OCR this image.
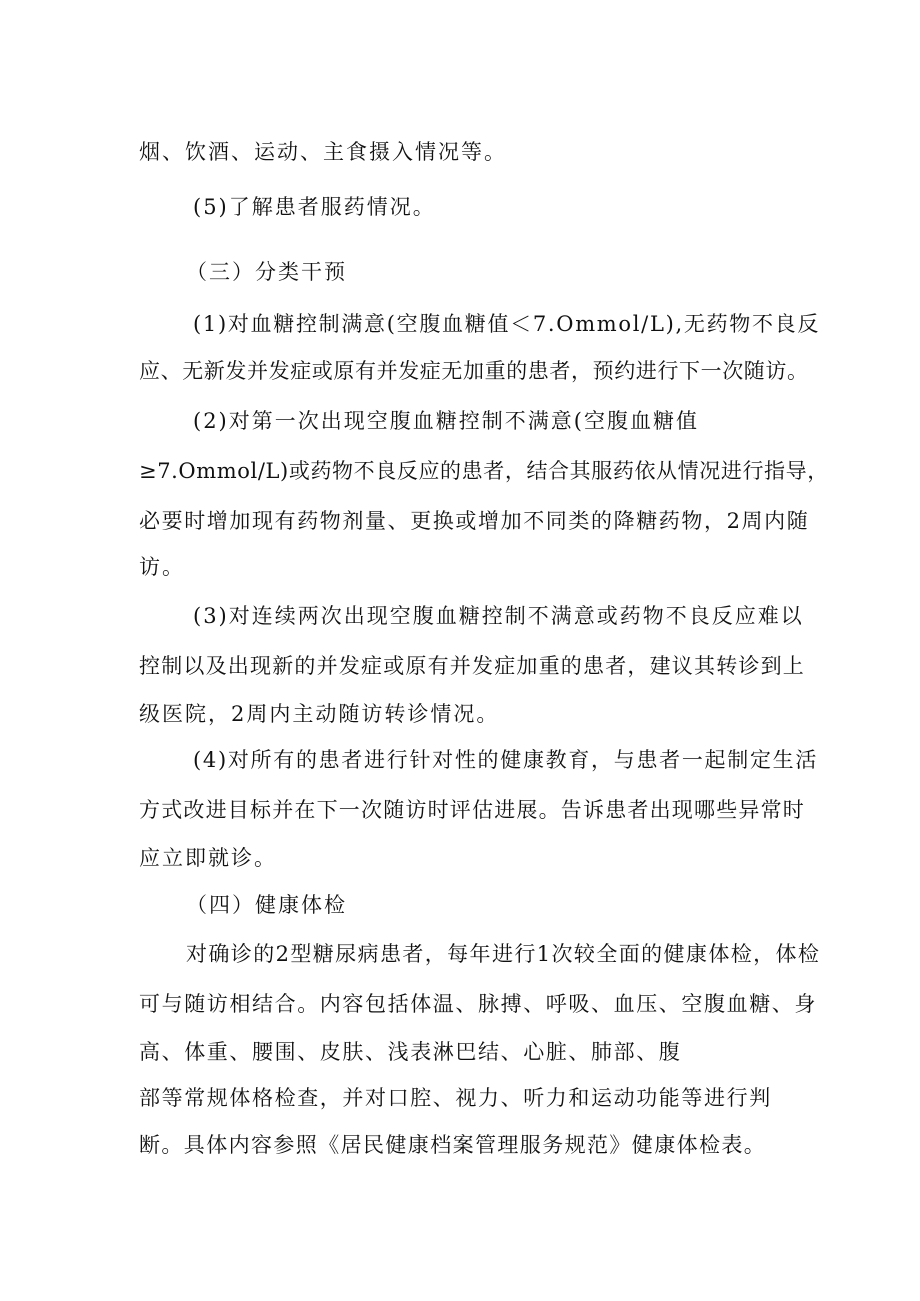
烟、饮酒、运动、主食摄入情况等。
(5)了解患者服药情况。
（三）分类干预
(1)对血糖控制满意(空腹血糖值＜7.Ommol/L),无药物不良反
应、无新发并发症或原有并发症无加重的患者，预约进行下一次随访。
(2)对第一次出现空腹血糖控制不满意(空腹血糖值
≥7.Ommol/L)或药物不良反应的患者，结合其服药依从情况进行指导，
必要时增加现有药物剂量、更换或增加不同类的降糖药物，2周内随
访。
(3)对连续两次出现空腹血糖控制不满意或药物不良反应难以
控制以及出现新的并发症或原有并发症加重的患者，建议其转诊到上
级医院，2周内主动随访转诊情况。
(4)对所有的患者进行针对性的健康教育，与患者一起制定生活
方式改进目标并在下一次随访时评估进展。告诉患者出现哪些异常时
应立即就诊。
（四）健康体检
对确诊的2型糖尿病患者，每年进行1次较全面的健康体检，体检
可与随访相结合。内容包括体温、脉搏、呼吸、血压、空腹血糖、身
高、体重、腰围、皮肤、浅表淋巴结、心脏、肺部、腹
部等常规体格检查，并对口腔、视力、听力和运动功能等进行判
断。具体内容参照《居民健康档案管理服务规范》健康体检表。
